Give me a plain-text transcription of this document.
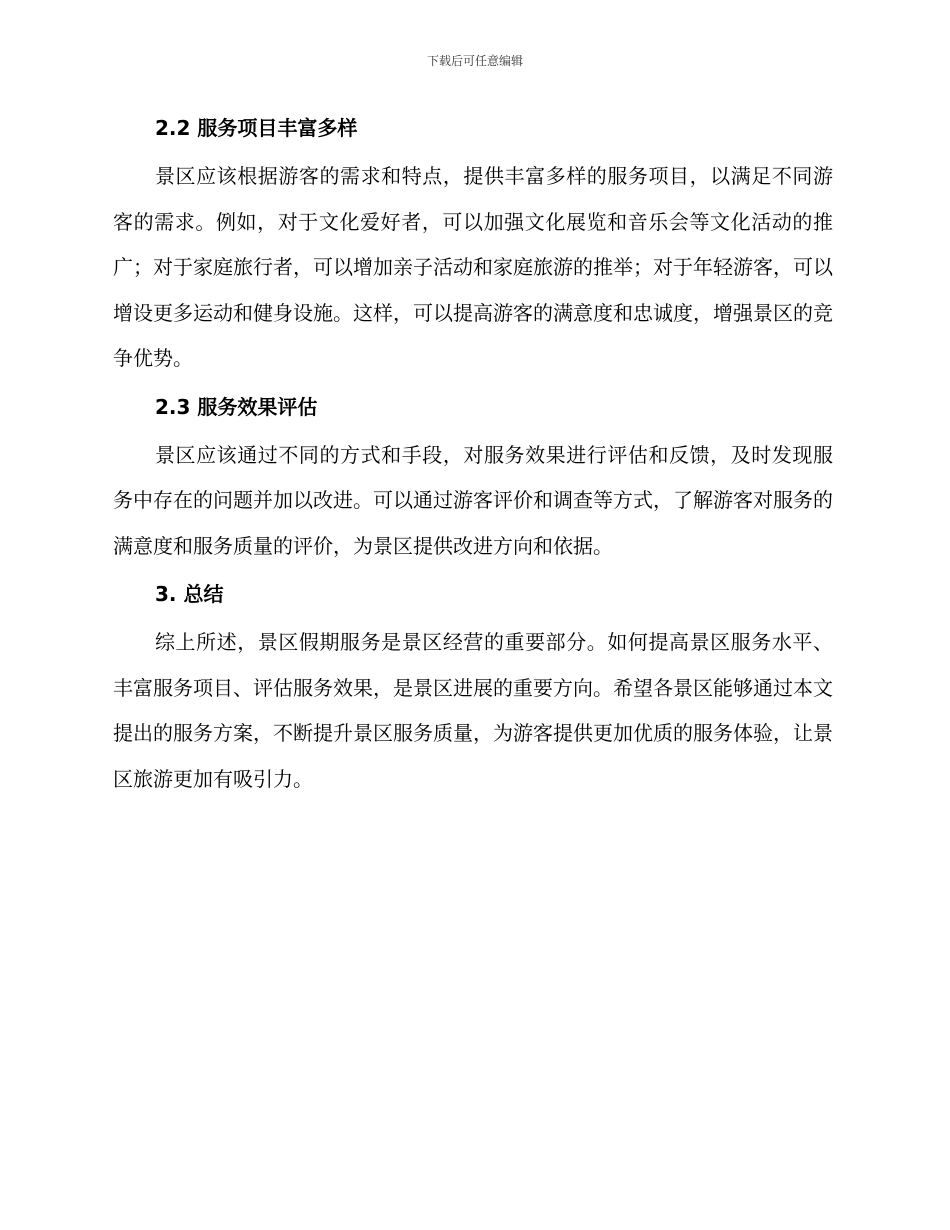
下载后可任意编辑
2.2 服务项目丰富多样

景区应该根据游客的需求和特点，提供丰富多样的服务项目，以满足不同游客的需求。例如，对于文化爱好者，可以加强文化展览和音乐会等文化活动的推广；对于家庭旅行者，可以增加亲子活动和家庭旅游的推举；对于年轻游客，可以增设更多运动和健身设施。这样，可以提高游客的满意度和忠诚度，增强景区的竞争优势。

2.3 服务效果评估

景区应该通过不同的方式和手段，对服务效果进行评估和反馈，及时发现服务中存在的问题并加以改进。可以通过游客评价和调查等方式，了解游客对服务的满意度和服务质量的评价，为景区提供改进方向和依据。

3. 总结

综上所述，景区假期服务是景区经营的重要部分。如何提高景区服务水平、丰富服务项目、评估服务效果，是景区进展的重要方向。希望各景区能够通过本文提出的服务方案，不断提升景区服务质量，为游客提供更加优质的服务体验，让景区旅游更加有吸引力。
